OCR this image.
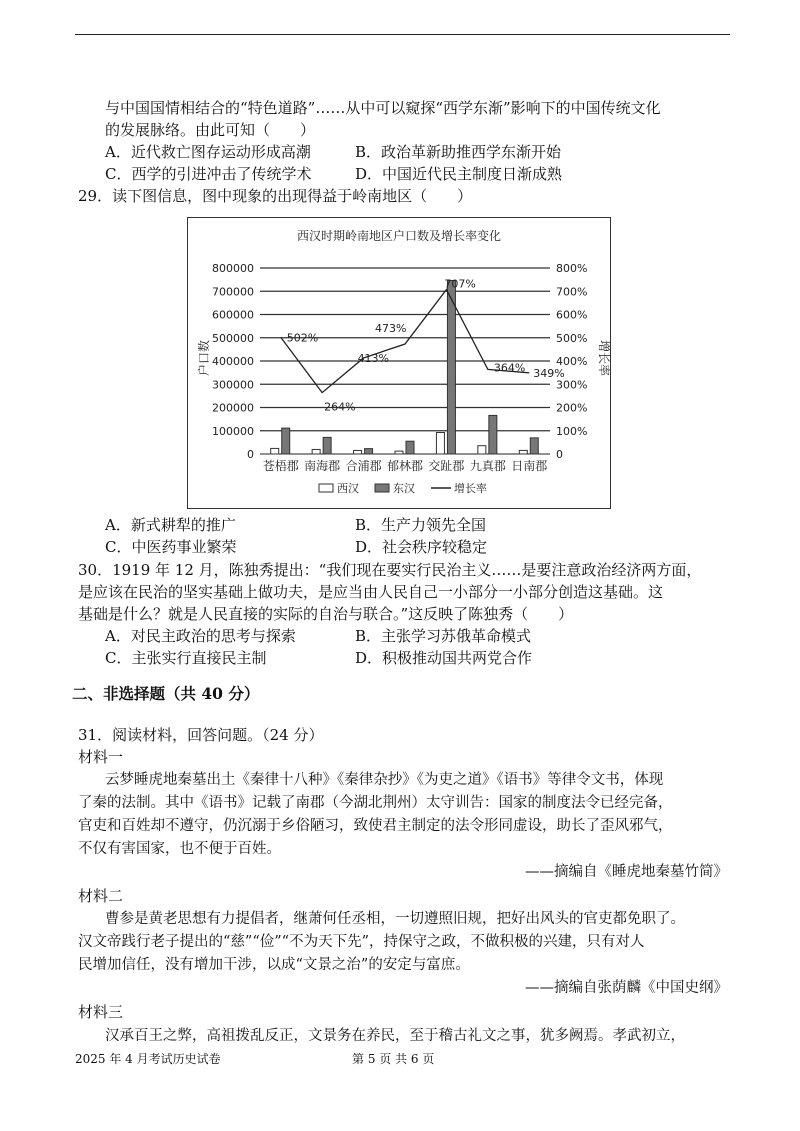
与中国国情相结合的“特色道路”……从中可以窥探“西学东渐”影响下的中国传统文化
的发展脉络。由此可知（　　）
A．近代救亡图存运动形成高潮	B．政治革新助推西学东渐开始
C．西学的引进冲击了传统学术	D．中国近代民主制度日渐成熟
29．读下图信息，图中现象的出现得益于岭南地区（　　）
西汉时期岭南地区户口数及增长率变化
502%
264%
413%
473%
707%
364% 349%
0
100000
200000
300000
400000
500000
600000
700000
800000
0
100%
200%
300%
400%
500%
600%
700%
800%
苍梧郡 南海郡 合浦郡 郁林郡 交趾郡 九真郡 日南郡
户口数	增长率
西汉	东汉	增长率
A．新式耕犁的推广	B．生产力领先全国
C．中医药事业繁荣	D．社会秩序较稳定
30．1919 年 12 月，陈独秀提出：“我们现在要实行民治主义……是要注意政治经济两方面，
是应该在民治的坚实基础上做功夫，是应当由人民自己一小部分一小部分创造这基础。这
基础是什么？就是人民直接的实际的自治与联合。”这反映了陈独秀（　　）
A．对民主政治的思考与探索	B．主张学习苏俄革命模式
C．主张实行直接民主制	D．积极推动国共两党合作
二、非选择题（共 40 分）
31．阅读材料，回答问题。（24 分）
材料一
云梦睡虎地秦墓出土《秦律十八种》《秦律杂抄》《为吏之道》《语书》等律令文书，体现
了秦的法制。其中《语书》记载了南郡（今湖北荆州）太守训告：国家的制度法令已经完备，
官吏和百姓却不遵守，仍沉溺于乡俗陋习，致使君主制定的法令形同虚设，助长了歪风邪气，
不仅有害国家，也不便于百姓。
——摘编自《睡虎地秦墓竹简》
材料二
曹参是黄老思想有力提倡者，继萧何任丞相，一切遵照旧规，把好出风头的官吏都免职了。
汉文帝践行老子提出的“慈”“俭”“不为天下先”，持保守之政，不做积极的兴建，只有对人
民增加信任，没有增加干涉，以成“文景之治”的安定与富庶。
——摘编自张荫麟《中国史纲》
材料三
汉承百王之弊，高祖拨乱反正，文景务在养民，至于稽古礼文之事，犹多阙焉。孝武初立，
2025 年 4 月考试历史试卷	第 5 页 共 6 页
